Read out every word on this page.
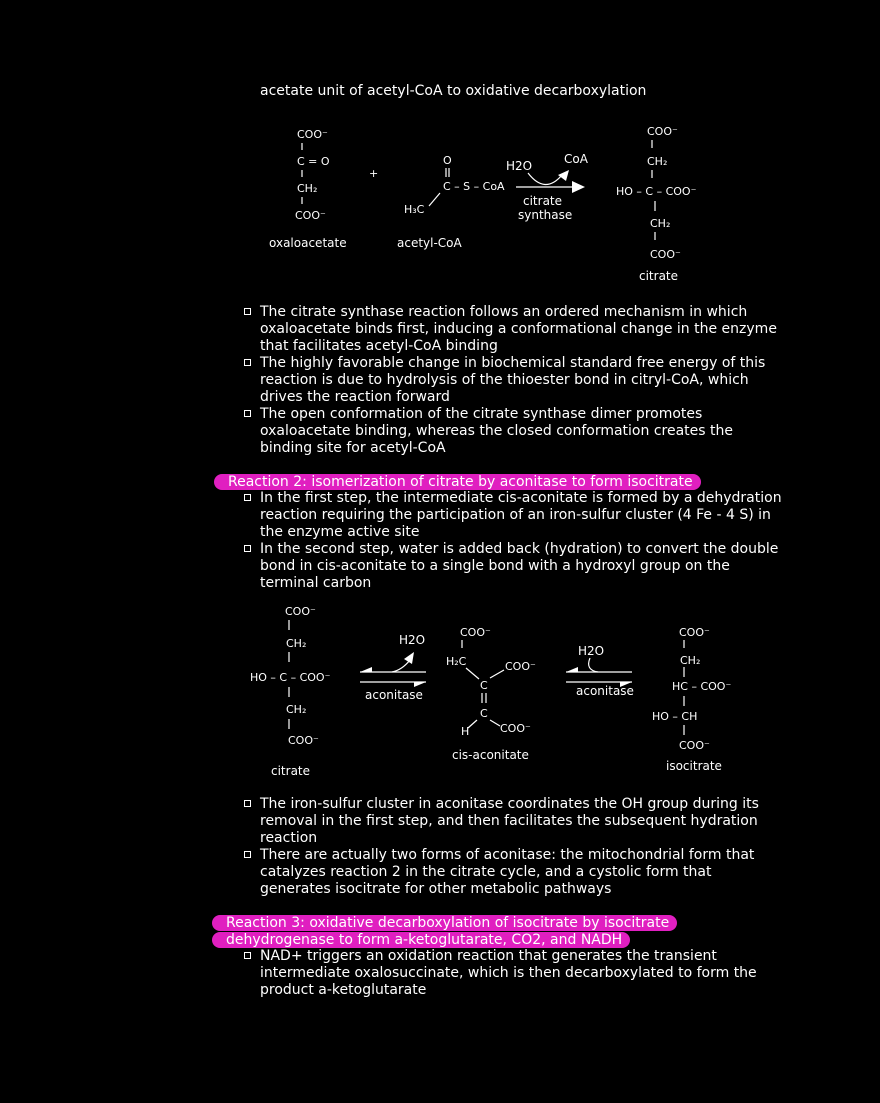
acetate unit of acetyl-CoA to oxidative decarboxylation
COO⁻
C = O
CH₂
COO⁻
oxaloacetate
+
O
C – S – CoA
H₃C
acetyl-CoA
H2O	CoA
citrate
synthase
COO⁻
CH₂
HO – C – COO⁻
CH₂
COO⁻
citrate
The citrate synthase reaction follows an ordered mechanism in which oxaloacetate binds first, inducing a conformational change in the enzyme that facilitates acetyl-CoA binding
The highly favorable change in biochemical standard free energy of this reaction is due to hydrolysis of the thioester bond in citryl-CoA, which drives the reaction forward
The open conformation of the citrate synthase dimer promotes oxaloacetate binding, whereas the closed conformation creates the binding site for acetyl-CoA
Reaction 2: isomerization of citrate by aconitase to form isocitrate
In the first step, the intermediate cis-aconitate is formed by a dehydration reaction requiring the participation of an iron-sulfur cluster (4 Fe - 4 S) in the enzyme active site
In the second step, water is added back (hydration) to convert the double bond in cis-aconitate to a single bond with a hydroxyl group on the terminal carbon
COO⁻
CH₂
HO – C – COO⁻
CH₂
COO⁻
citrate
H2O
aconitase
COO⁻
H₂C
C
COO⁻
C
H	COO⁻
cis-aconitate
H2O
aconitase
COO⁻
CH₂
HC – COO⁻
HO – CH
COO⁻
isocitrate
The iron-sulfur cluster in aconitase coordinates the OH group during its removal in the first step, and then facilitates the subsequent hydration reaction
There are actually two forms of aconitase: the mitochondrial form that catalyzes reaction 2 in the citrate cycle, and a cystolic form that generates isocitrate for other metabolic pathways
Reaction 3: oxidative decarboxylation of isocitrate by isocitrate
dehydrogenase to form a-ketoglutarate, CO2, and NADH
NAD+ triggers an oxidation reaction that generates the transient intermediate oxalosuccinate, which is then decarboxylated to form the product a-ketoglutarate
